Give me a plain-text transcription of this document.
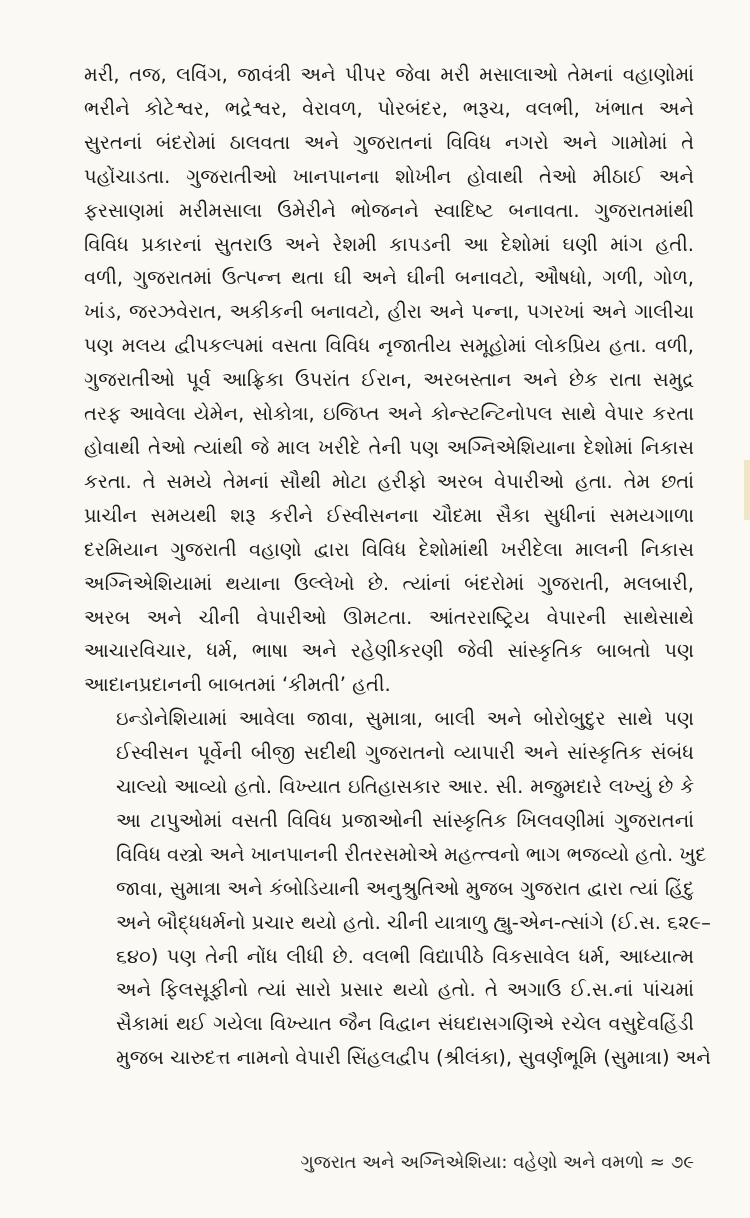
મરી, તજ, લવિંગ, જાવંત્રી અને પીપર જેવા મરી મસાલાઓ તેમનાં વહાણોમાં
ભરીને કોટેશ્વર, ભદ્રેશ્વર, વેરાવળ, પોરબંદર, ભરૂચ, વલભી, ખંભાત અને
સુરતનાં બંદરોમાં ઠાલવતા અને ગુજરાતનાં વિવિધ નગરો અને ગામોમાં તે
પહોંચાડતા. ગુજરાતીઓ ખાનપાનના શોખીન હોવાથી તેઓ મીઠાઈ અને
ફરસાણમાં મરીમસાલા ઉમેરીને ભોજનને સ્વાદિષ્ટ બનાવતા. ગુજરાતમાંથી
વિવિધ પ્રકારનાં સુતરાઉ અને રેશમી કાપડની આ દેશોમાં ઘણી માંગ હતી.
વળી, ગુજરાતમાં ઉત્પન્ન થતા ઘી અને ઘીની બનાવટો, ઔષધો, ગળી, ગોળ,
ખાંડ, જરઝવેરાત, અકીકની બનાવટો, હીરા અને પન્ના, પગરખાં અને ગાલીચા
પણ મલય દ્વીપકલ્પમાં વસતા વિવિધ નૃજાતીય સમૂહોમાં લોકપ્રિય હતા. વળી,
ગુજરાતીઓ પૂર્વ આફ્રિકા ઉપરાંત ઈરાન, અરબસ્તાન અને છેક રાતા સમુદ્ર
તરફ આવેલા યેમેન, સોકોત્રા, ઇજિપ્ત અને કોન્સ્ટન્ટિનોપલ સાથે વેપાર કરતા
હોવાથી તેઓ ત્યાંથી જે માલ ખરીદે તેની પણ અગ્નિએશિયાના દેશોમાં નિકાસ
કરતા. તે સમયે તેમનાં સૌથી મોટા હરીફો અરબ વેપારીઓ હતા. તેમ છતાં
પ્રાચીન સમયથી શરૂ કરીને ઈસ્વીસનના ચૌદમા સૈકા સુધીનાં સમયગાળા
દરમિયાન ગુજરાતી વહાણો દ્વારા વિવિધ દેશોમાંથી ખરીદેલા માલની નિકાસ
અગ્નિએશિયામાં થયાના ઉલ્લેખો છે. ત્યાંનાં બંદરોમાં ગુજરાતી, મલબારી,
અરબ અને ચીની વેપારીઓ ઊમટતા. આંતરરાષ્ટ્રિય વેપારની સાથેસાથે
આચારવિચાર, ધર્મ, ભાષા અને રહેણીકરણી જેવી સાંસ્કૃતિક બાબતો પણ
આદાનપ્રદાનની બાબતમાં ‘કીમતી’ હતી.

ઇન્ડોનેશિયામાં આવેલા જાવા, સુમાત્રા, બાલી અને બોરોબુદુર સાથે પણ
ઈસ્વીસન પૂર્વેની બીજી સદીથી ગુજરાતનો વ્યાપારી અને સાંસ્કૃતિક સંબંધ
ચાલ્યો આવ્યો હતો. વિખ્યાત ઇતિહાસકાર આર. સી. મજુમદારે લખ્યું છે કે
આ ટાપુઓમાં વસતી વિવિધ પ્રજાઓની સાંસ્કૃતિક ખિલવણીમાં ગુજરાતનાં
વિવિધ વસ્ત્રો અને ખાનપાનની રીતરસમોએ મહત્ત્વનો ભાગ ભજવ્યો હતો. ખુદ
જાવા, સુમાત્રા અને કંબોડિયાની અનુશ્રુતિઓ મુજબ ગુજરાત દ્વારા ત્યાં હિંદુ
અને બૌદ્ધધર્મનો પ્રચાર થયો હતો. ચીની યાત્રાળુ હ્યુ-એન-ત્સાંગે (ઈ.સ. ૬૨૯–
૬૪૦) પણ તેની નોંધ લીધી છે. વલભી વિદ્યાપીઠે વિકસાવેલ ધર્મ, આધ્યાત્મ
અને ફિલસૂફીનો ત્યાં સારો પ્રસાર થયો હતો. તે અગાઉ ઈ.સ.નાં પાંચમાં
સૈકામાં થઈ ગયેલા વિખ્યાત જૈન વિદ્વાન સંઘદાસગણિએ રચેલ વસુદેવહિંડી
મુજબ ચારુદત્ત નામનો વેપારી સિંહલદ્વીપ (શ્રીલંકા), સુવર્ણભૂમિ (સુમાત્રા) અને

ગુજરાત અને અગ્નિએશિયા: વહેણો અને વમળો ≈ ૭૯
